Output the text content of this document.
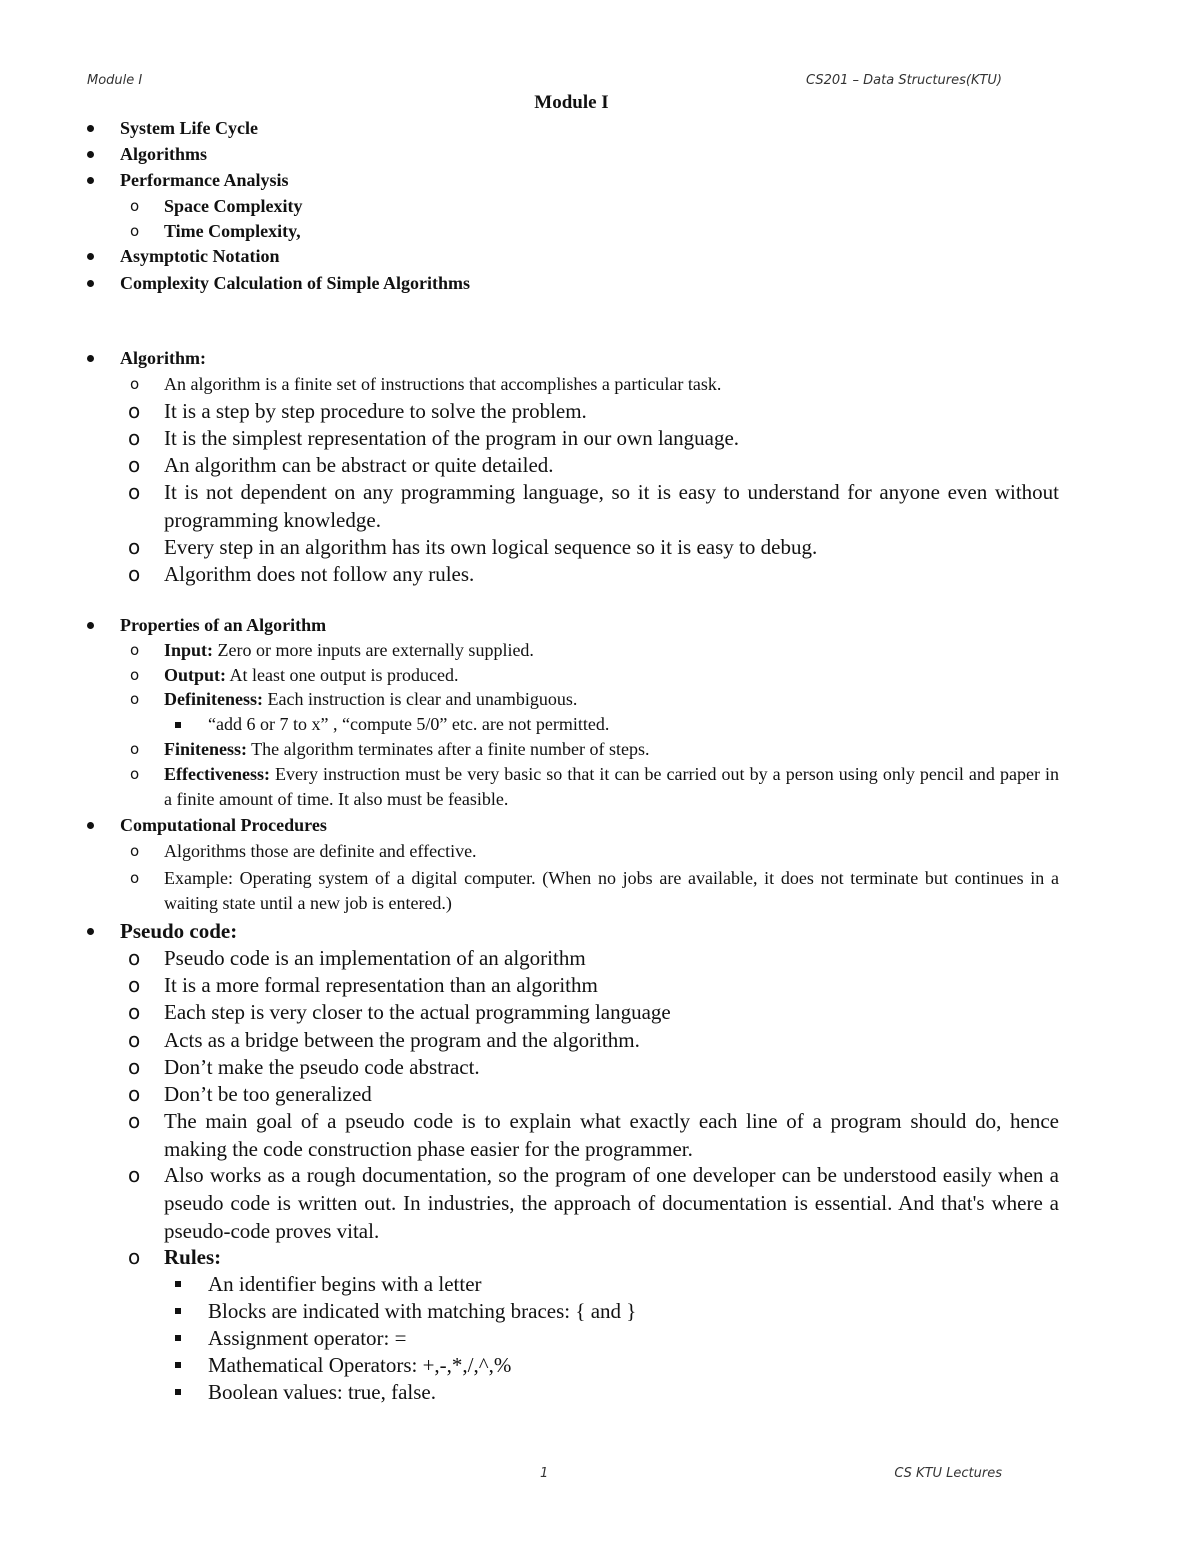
Module I	CS201 – Data Structures(KTU)
1	CS KTU Lectures
Module I
System Life Cycle
Algorithms
Performance Analysis
o Space Complexity
o Time Complexity,
Asymptotic Notation
Complexity Calculation of Simple Algorithms
Algorithm:
o An algorithm is a finite set of instructions that accomplishes a particular task.
o It is a step by step procedure to solve the problem.
o It is the simplest representation of the program in our own language.
o An algorithm can be abstract or quite detailed.
o It is not dependent on any programming language, so it is easy to understand for anyone even without programming knowledge.
o Every step in an algorithm has its own logical sequence so it is easy to debug.
o Algorithm does not follow any rules.
Properties of an Algorithm
o Input: Zero or more inputs are externally supplied.
o Output: At least one output is produced.
o Definiteness: Each instruction is clear and unambiguous.
“add 6 or 7 to x” , “compute 5/0” etc. are not permitted.
o Finiteness: The algorithm terminates after a finite number of steps.
o Effectiveness: Every instruction must be very basic so that it can be carried out by a person using only pencil and paper in a finite amount of time. It also must be feasible.
Computational Procedures
o Algorithms those are definite and effective.
o Example: Operating system of a digital computer. (When no jobs are available, it does not terminate but continues in a waiting state until a new job is entered.)
Pseudo code:
o Pseudo code is an implementation of an algorithm
o It is a more formal representation than an algorithm
o Each step is very closer to the actual programming language
o Acts as a bridge between the program and the algorithm.
o Don’t make the pseudo code abstract.
o Don’t be too generalized
o The main goal of a pseudo code is to explain what exactly each line of a program should do, hence making the code construction phase easier for the programmer.
o Also works as a rough documentation, so the program of one developer can be understood easily when a pseudo code is written out. In industries, the approach of documentation is essential. And that's where a pseudo-code proves vital.
o Rules:
An identifier begins with a letter
Blocks are indicated with matching braces: { and }
Assignment operator: =
Mathematical Operators: +,-,*,/,^,%
Boolean values: true, false.
